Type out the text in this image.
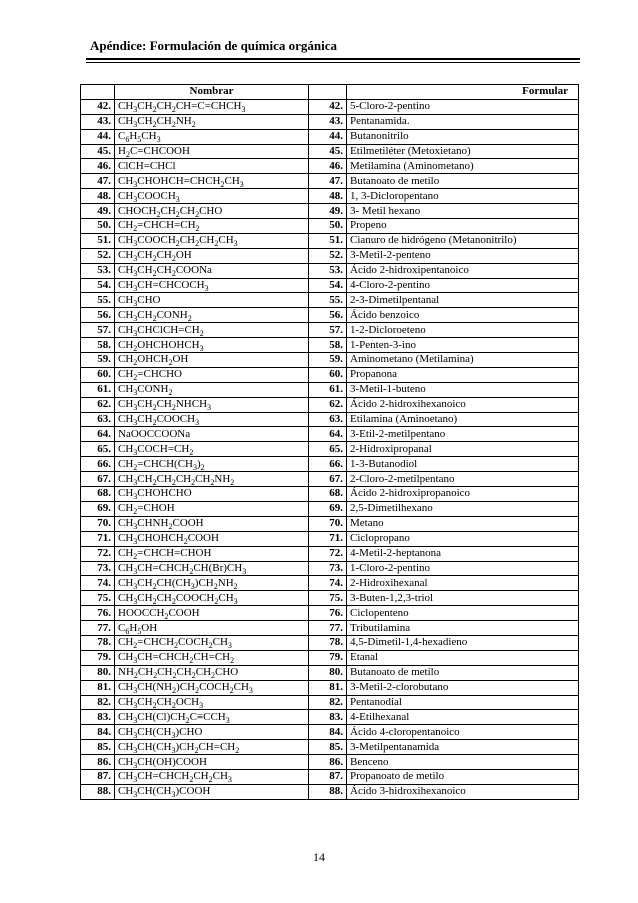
Apéndice: Formulación de química orgánica
	Nombrar		Formular
42.	$CH_3CH_2CH_2CH=C=CHCH_3$	42.	5-Cloro-2-pentino
43.	$CH_3CH_2CH_2NH_2$	43.	Pentanamida.
44.	$C_6H_5CH_3$	44.	Butanonitrilo
45.	$H_2C=CHCOOH$	45.	Etilmetiléter (Metoxietano)
46.	ClCH=CHCl	46.	Metilamina (Aminometano)
47.	$CH_3CHOHCH=CHCH_2CH_3$	47.	Butanoato de metilo
48.	$CH_3COOCH_3$	48.	1, 3-Dicloropentano
49.	$CHOCH_2CH_2CH_2CHO$	49.	3- Metil hexano
50.	$CH_2=CHCH=CH_2$	50.	Propeno
51.	$CH_3COOCH_2CH_2CH_2CH_3$	51.	Cianuro de hidrógeno (Metanonitrilo)
52.	$CH_3CH_2CH_2OH$	52.	3-Metil-2-penteno
53.	$CH_3CH_2CH_2COONa$	53.	Ácido 2-hidroxipentanoico
54.	$CH_3CH=CHCOCH_3$	54.	4-Cloro-2-pentino
55.	$CH_3CHO$	55.	2-3-Dimetilpentanal
56.	$CH_3CH_2CONH_2$	56.	Ácido benzoico
57.	$CH_3CHClCH=CH_2$	57.	1-2-Dicloroeteno
58.	$CH_2OHCHOHCH_3$	58.	1-Penten-3-ino
59.	$CH_2OHCH_2OH$	59.	Aminometano (Metilamina)
60.	$CH_2=CHCHO$	60.	Propanona
61.	$CH_3CONH_2$	61.	3-Metil-1-buteno
62.	$CH_3CH_2CH_2NHCH_3$	62.	Ácido 2-hidroxihexanoico
63.	$CH_3CH_2COOCH_3$	63.	Etilamina (Aminoetano)
64.	NaOOCCOONa	64.	3-Etil-2-metilpentano
65.	$CH_3COCH=CH_2$	65.	2-Hidroxipropanal
66.	$CH_2=CHCH(CH_3)_2$	66.	1-3-Butanodiol
67.	$CH_3CH_2CH_2CH_2CH_2NH_2$	67.	2-Cloro-2-metilpentano
68.	$CH_3CHOHCHO$	68.	Ácido 2-hidroxipropanoico
69.	$CH_2=CHOH$	69.	2,5-Dimetilhexano
70.	$CH_3CHNH_2COOH$	70.	Metano
71.	$CH_3CHOHCH_2COOH$	71.	Ciclopropano
72.	$CH_2=CHCH=CHOH$	72.	4-Metil-2-heptanona
73.	$CH_3CH=CHCH_2CH(Br)CH_3$	73.	1-Cloro-2-pentino
74.	$CH_3CH_2CH(CH_3)CH_2NH_2$	74.	2-Hidroxihexanal
75.	$CH_3CH_2CH_2COOCH_2CH_3$	75.	3-Buten-1,2,3-triol
76.	$HOOCCH_2COOH$	76.	Ciclopenteno
77.	$C_6H_5OH$	77.	Tributilamina
78.	$CH_2=CHCH_2COCH_2CH_3$	78.	4,5-Dimetil-1,4-hexadieno
79.	$CH_3CH=CHCH_2CH=CH_2$	79.	Etanal
80.	$NH_2CH_2CH_2CH_2CH_2CHO$	80.	Butanoato de metilo
81.	$CH_3CH(NH_2)CH_2COCH_2CH_3$	81.	3-Metil-2-clorobutano
82.	$CH_3CH_2CH_2OCH_3$	82.	Pentanodial
83.	$CH_3CH(Cl)CH_2C\equiv CCH_3$	83.	4-Etilhexanal
84.	$CH_3CH(CH_3)CHO$	84.	Ácido 4-cloropentanoico
85.	$CH_3CH(CH_3)CH_2CH=CH_2$	85.	3-Metilpentanamida
86.	$CH_3CH(OH)COOH$	86.	Benceno
87.	$CH_3CH=CHCH_2CH_2CH_3$	87.	Propanoato de metilo
88.	$CH_3CH(CH_3)COOH$	88.	Ácido 3-hidroxihexanoico
14
